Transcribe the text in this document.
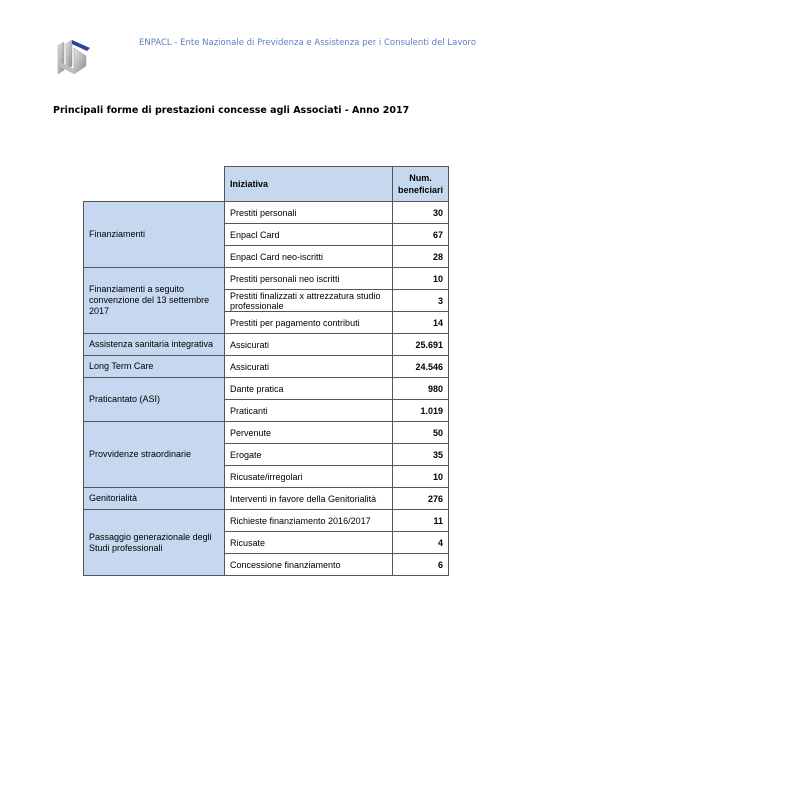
ENPACL - Ente Nazionale di Previdenza e Assistenza per i Consulenti del Lavoro
Principali forme di prestazioni concesse agli Associati - Anno 2017
	Iniziativa	Num. beneficiari
Finanziamenti	Prestiti personali	30
	Enpacl Card	67
	Enpacl Card neo-iscritti	28
Finanziamenti a seguito convenzione del 13 settembre 2017	Prestiti personali neo iscritti	10
	Prestiti finalizzati x attrezzatura studio professionale	3
	Prestiti per pagamento contributi	14
Assistenza sanitaria integrativa	Assicurati	25.691
Long Term Care	Assicurati	24.546
Praticantato (ASI)	Dante pratica	980
	Praticanti	1.019
Provvidenze straordinarie	Pervenute	50
	Erogate	35
	Ricusate/irregolari	10
Genitorialità	Interventi in favore della Genitorialità	276
Passaggio generazionale degli Studi professionali	Richieste finanziamento 2016/2017	11
	Ricusate	4
	Concessione finanziamento	6
